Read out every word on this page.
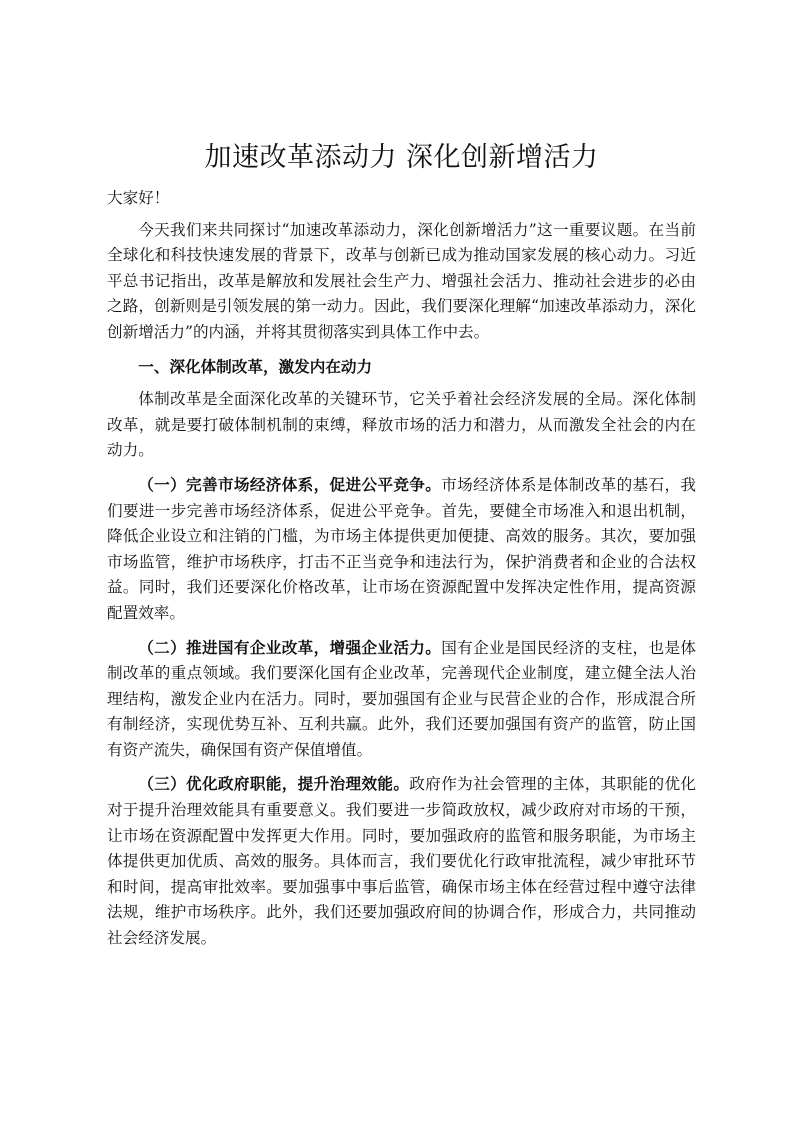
加速改革添动力 深化创新增活力

大家好！

今天我们来共同探讨“加速改革添动力，深化创新增活力”这一重要议题。在当前全球化和科技快速发展的背景下，改革与创新已成为推动国家发展的核心动力。习近平总书记指出，改革是解放和发展社会生产力、增强社会活力、推动社会进步的必由之路，创新则是引领发展的第一动力。因此，我们要深化理解“加速改革添动力，深化创新增活力”的内涵，并将其贯彻落实到具体工作中去。

一、深化体制改革，激发内在动力

体制改革是全面深化改革的关键环节，它关乎着社会经济发展的全局。深化体制改革，就是要打破体制机制的束缚，释放市场的活力和潜力，从而激发全社会的内在动力。

（一）完善市场经济体系，促进公平竞争。市场经济体系是体制改革的基石，我们要进一步完善市场经济体系，促进公平竞争。首先，要健全市场准入和退出机制，降低企业设立和注销的门槛，为市场主体提供更加便捷、高效的服务。其次，要加强市场监管，维护市场秩序，打击不正当竞争和违法行为，保护消费者和企业的合法权益。同时，我们还要深化价格改革，让市场在资源配置中发挥决定性作用，提高资源配置效率。

（二）推进国有企业改革，增强企业活力。国有企业是国民经济的支柱，也是体制改革的重点领域。我们要深化国有企业改革，完善现代企业制度，建立健全法人治理结构，激发企业内在活力。同时，要加强国有企业与民营企业的合作，形成混合所有制经济，实现优势互补、互利共赢。此外，我们还要加强国有资产的监管，防止国有资产流失，确保国有资产保值增值。

（三）优化政府职能，提升治理效能。政府作为社会管理的主体，其职能的优化对于提升治理效能具有重要意义。我们要进一步简政放权，减少政府对市场的干预，让市场在资源配置中发挥更大作用。同时，要加强政府的监管和服务职能，为市场主体提供更加优质、高效的服务。具体而言，我们要优化行政审批流程，减少审批环节和时间，提高审批效率。要加强事中事后监管，确保市场主体在经营过程中遵守法律法规，维护市场秩序。此外，我们还要加强政府间的协调合作，形成合力，共同推动社会经济发展。
